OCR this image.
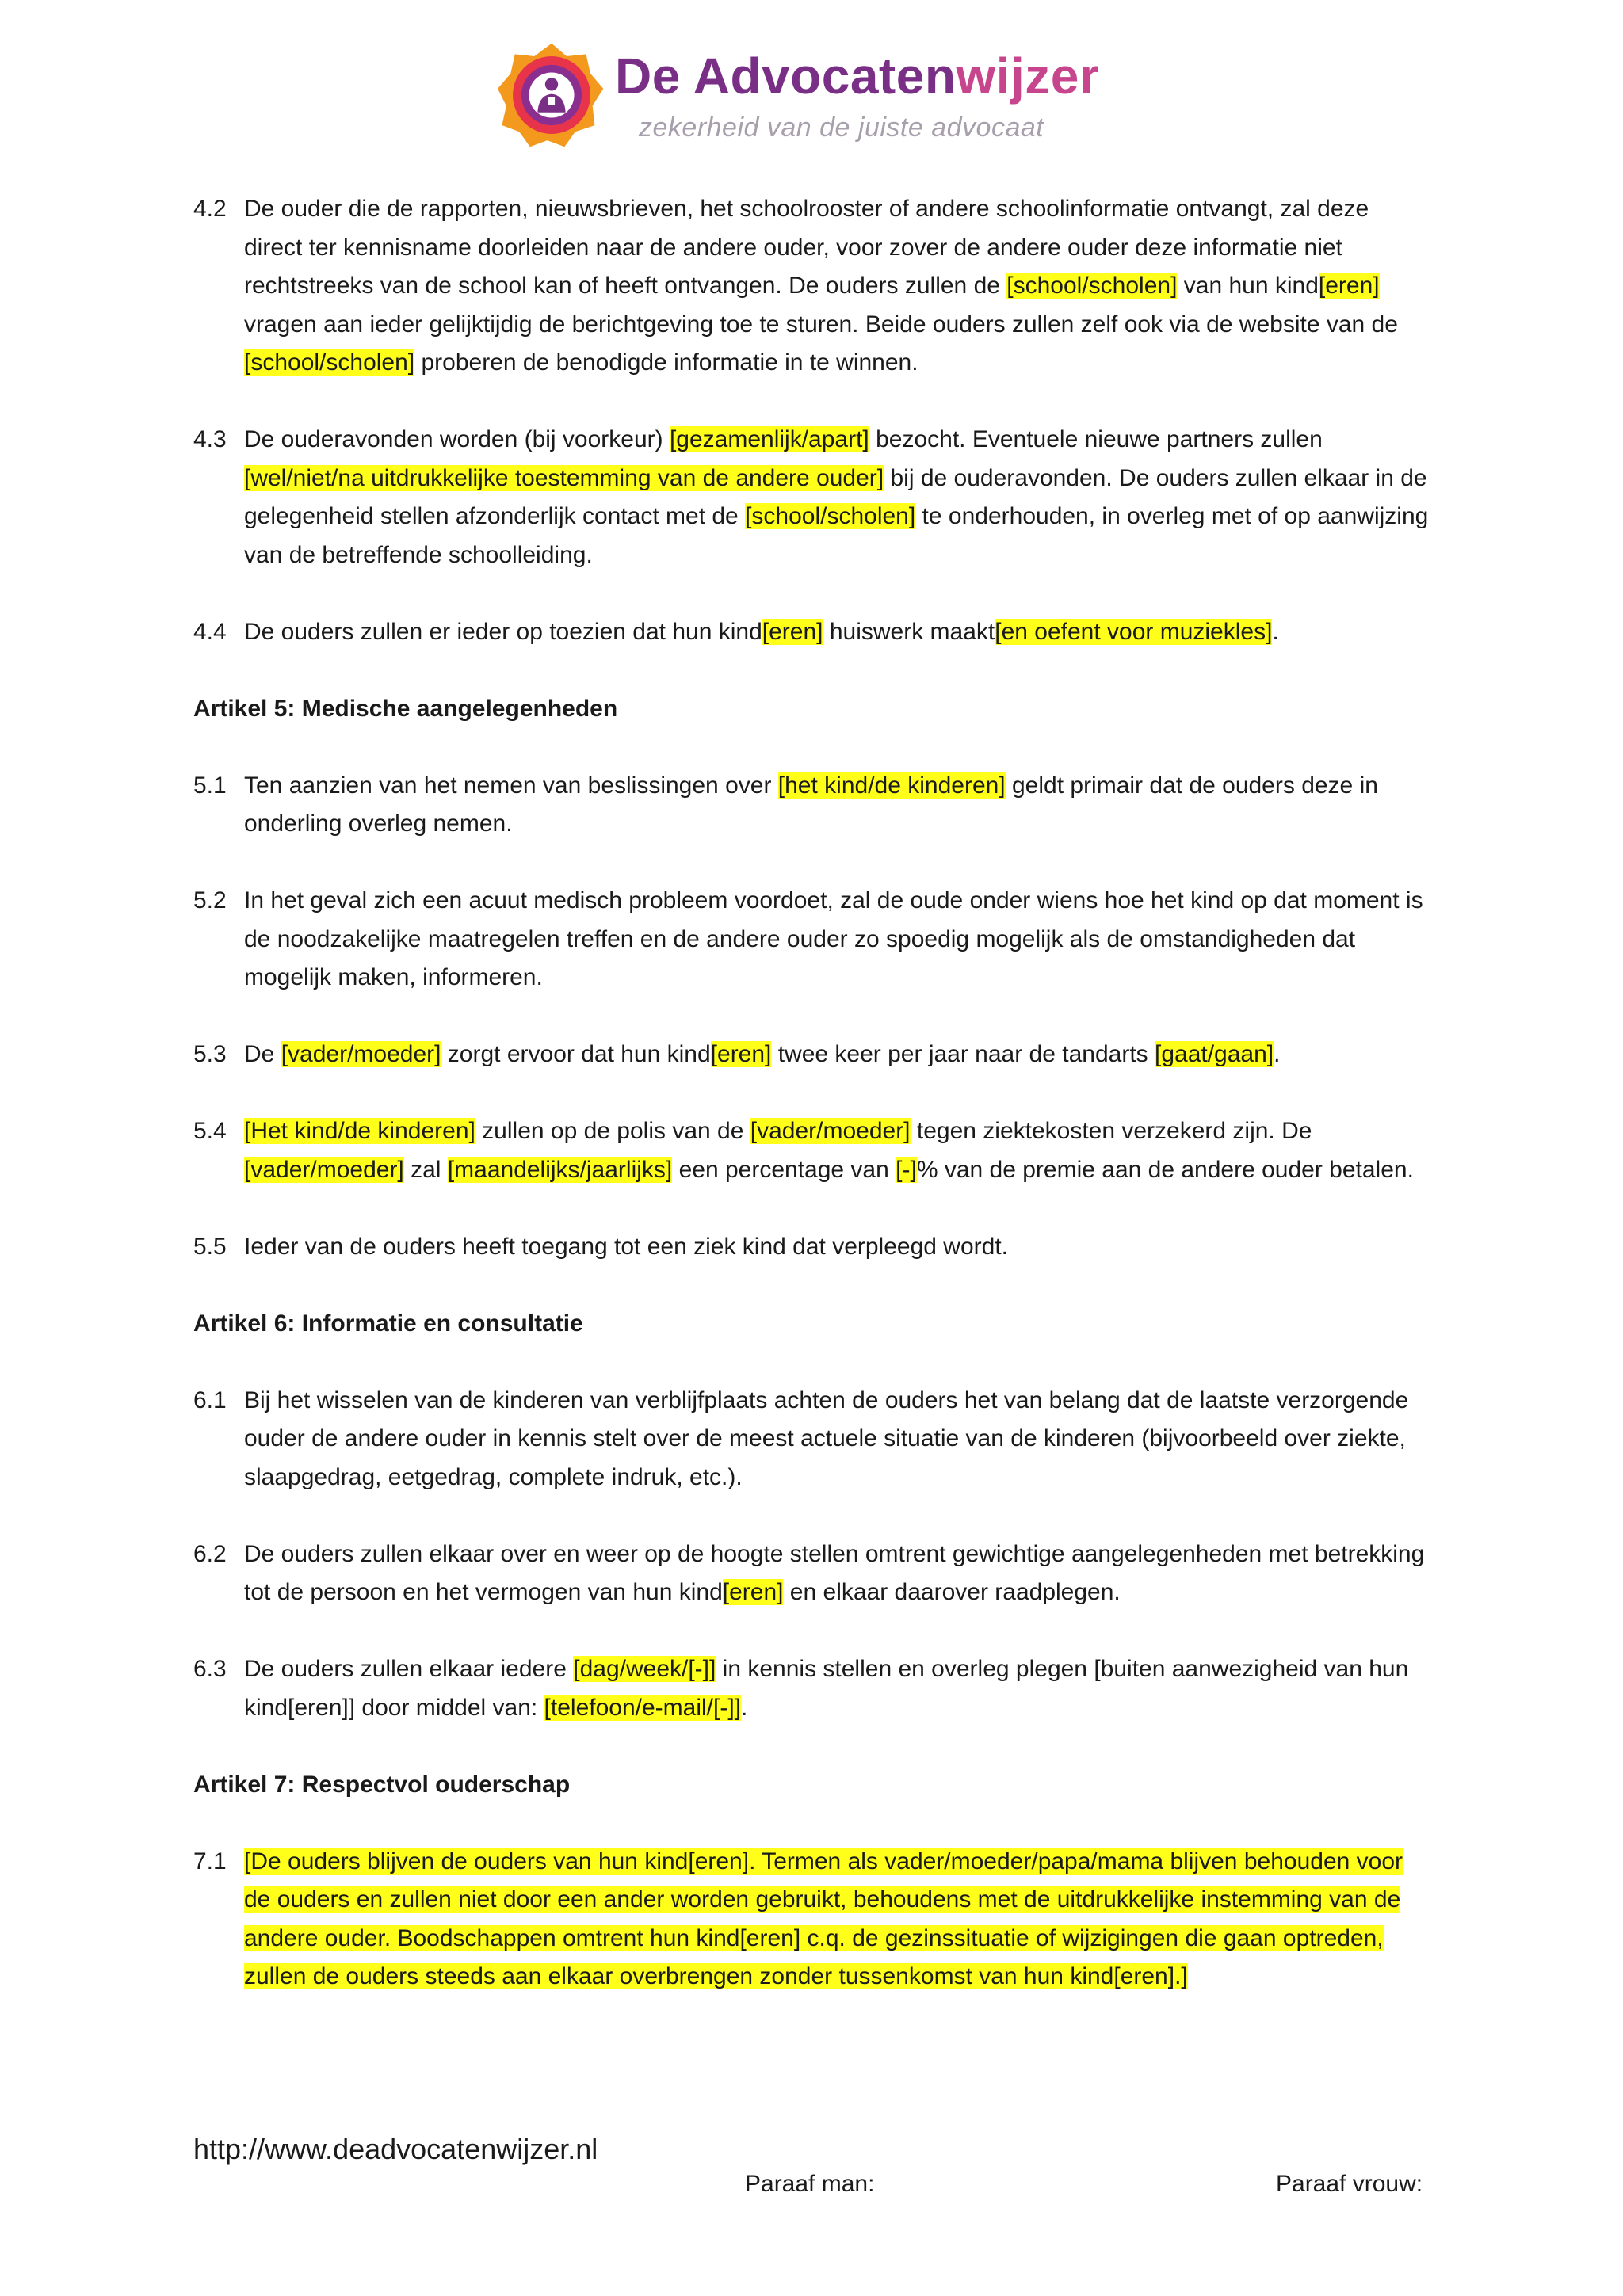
De Advocatenwijzer
zekerheid van de juiste advocaat
4.2 De ouder die de rapporten, nieuwsbrieven, het schoolrooster of andere schoolinformatie ontvangt, zal deze direct ter kennisname doorleiden naar de andere ouder, voor zover de andere ouder deze informatie niet rechtstreeks van de school kan of heeft ontvangen. De ouders zullen de [school/scholen] van hun kind[eren] vragen aan ieder gelijktijdig de berichtgeving toe te sturen. Beide ouders zullen zelf ook via de website van de [school/scholen] proberen de benodigde informatie in te winnen.
4.3 De ouderavonden worden (bij voorkeur) [gezamenlijk/apart] bezocht. Eventuele nieuwe partners zullen [wel/niet/na uitdrukkelijke toestemming van de andere ouder] bij de ouderavonden. De ouders zullen elkaar in de gelegenheid stellen afzonderlijk contact met de [school/scholen] te onderhouden, in overleg met of op aanwijzing van de betreffende schoolleiding.
4.4 De ouders zullen er ieder op toezien dat hun kind[eren] huiswerk maakt[en oefent voor muziekles].
Artikel 5: Medische aangelegenheden
5.1 Ten aanzien van het nemen van beslissingen over [het kind/de kinderen] geldt primair dat de ouders deze in onderling overleg nemen.
5.2 In het geval zich een acuut medisch probleem voordoet, zal de oude onder wiens hoe het kind op dat moment is de noodzakelijke maatregelen treffen en de andere ouder zo spoedig mogelijk als de omstandigheden dat mogelijk maken, informeren.
5.3 De [vader/moeder] zorgt ervoor dat hun kind[eren] twee keer per jaar naar de tandarts [gaat/gaan].
5.4 [Het kind/de kinderen] zullen op de polis van de [vader/moeder] tegen ziektekosten verzekerd zijn. De [vader/moeder] zal [maandelijks/jaarlijks] een percentage van [-]% van de premie aan de andere ouder betalen.
5.5 Ieder van de ouders heeft toegang tot een ziek kind dat verpleegd wordt.
Artikel 6: Informatie en consultatie
6.1 Bij het wisselen van de kinderen van verblijfplaats achten de ouders het van belang dat de laatste verzorgende ouder de andere ouder in kennis stelt over de meest actuele situatie van de kinderen (bijvoorbeeld over ziekte, slaapgedrag, eetgedrag, complete indruk, etc.).
6.2 De ouders zullen elkaar over en weer op de hoogte stellen omtrent gewichtige aangelegenheden met betrekking tot de persoon en het vermogen van hun kind[eren] en elkaar daarover raadplegen.
6.3 De ouders zullen elkaar iedere [dag/week/[-]] in kennis stellen en overleg plegen [buiten aanwezigheid van hun kind[eren]] door middel van: [telefoon/e-mail/[-]].
Artikel 7: Respectvol ouderschap
7.1 [De ouders blijven de ouders van hun kind[eren]. Termen als vader/moeder/papa/mama blijven behouden voor de ouders en zullen niet door een ander worden gebruikt, behoudens met de uitdrukkelijke instemming van de andere ouder. Boodschappen omtrent hun kind[eren] c.q. de gezinssituatie of wijzigingen die gaan optreden, zullen de ouders steeds aan elkaar overbrengen zonder tussenkomst van hun kind[eren].]
http://www.deadvocatenwijzer.nl
Paraaf man:	Paraaf vrouw:
